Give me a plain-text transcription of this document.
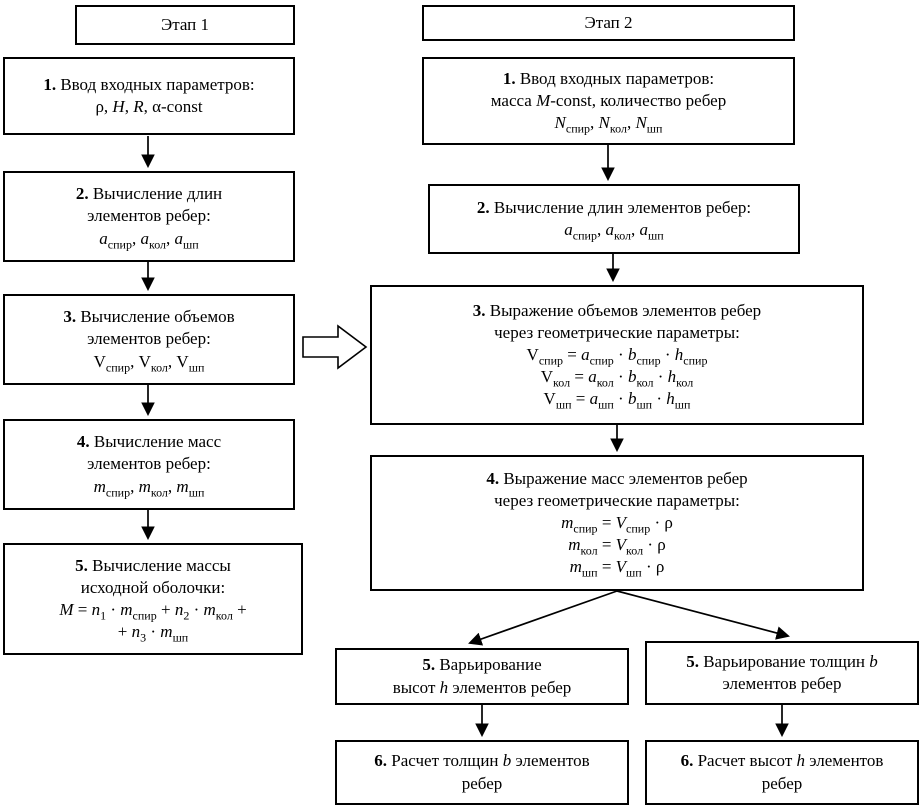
Этап 1
1. Ввод входных параметров:
ρ, H, R, α-const
2. Вычисление длин
элементов ребер:
$a_{спир}$, $a_{кол}$, $a_{шп}$
3. Вычисление объемов
элементов ребер:
$V_{спир}$, $V_{кол}$, $V_{шп}$
4. Вычисление масс
элементов ребер:
$m_{спир}$, $m_{кол}$, $m_{шп}$
5. Вычисление массы
исходной оболочки:
$M = n_1 \cdot m_{спир} + n_2 \cdot m_{кол}$ +
+ $n_3 \cdot m_{шп}$
Этап 2
1. Ввод входных параметров:
масса M-const, количество ребер
$N_{спир}$, $N_{кол}$, $N_{шп}$
2. Вычисление длин элементов ребер:
$a_{спир}$, $a_{кол}$, $a_{шп}$
3. Выражение объемов элементов ребер
через геометрические параметры:
$V_{спир} = a_{спир} \cdot b_{спир} \cdot h_{спир}$
$V_{кол} = a_{кол} \cdot b_{кол} \cdot h_{кол}$
$V_{шп} = a_{шп} \cdot b_{шп} \cdot h_{шп}$
4. Выражение масс элементов ребер
через геометрические параметры:
$m_{спир} = V_{спир} \cdot \rho$
$m_{кол} = V_{кол} \cdot \rho$
$m_{шп} = V_{шп} \cdot \rho$
5. Варьирование
высот h элементов ребер
5. Варьирование толщин b
элементов ребер
6. Расчет толщин b элементов
ребер
6. Расчет высот h элементов
ребер
